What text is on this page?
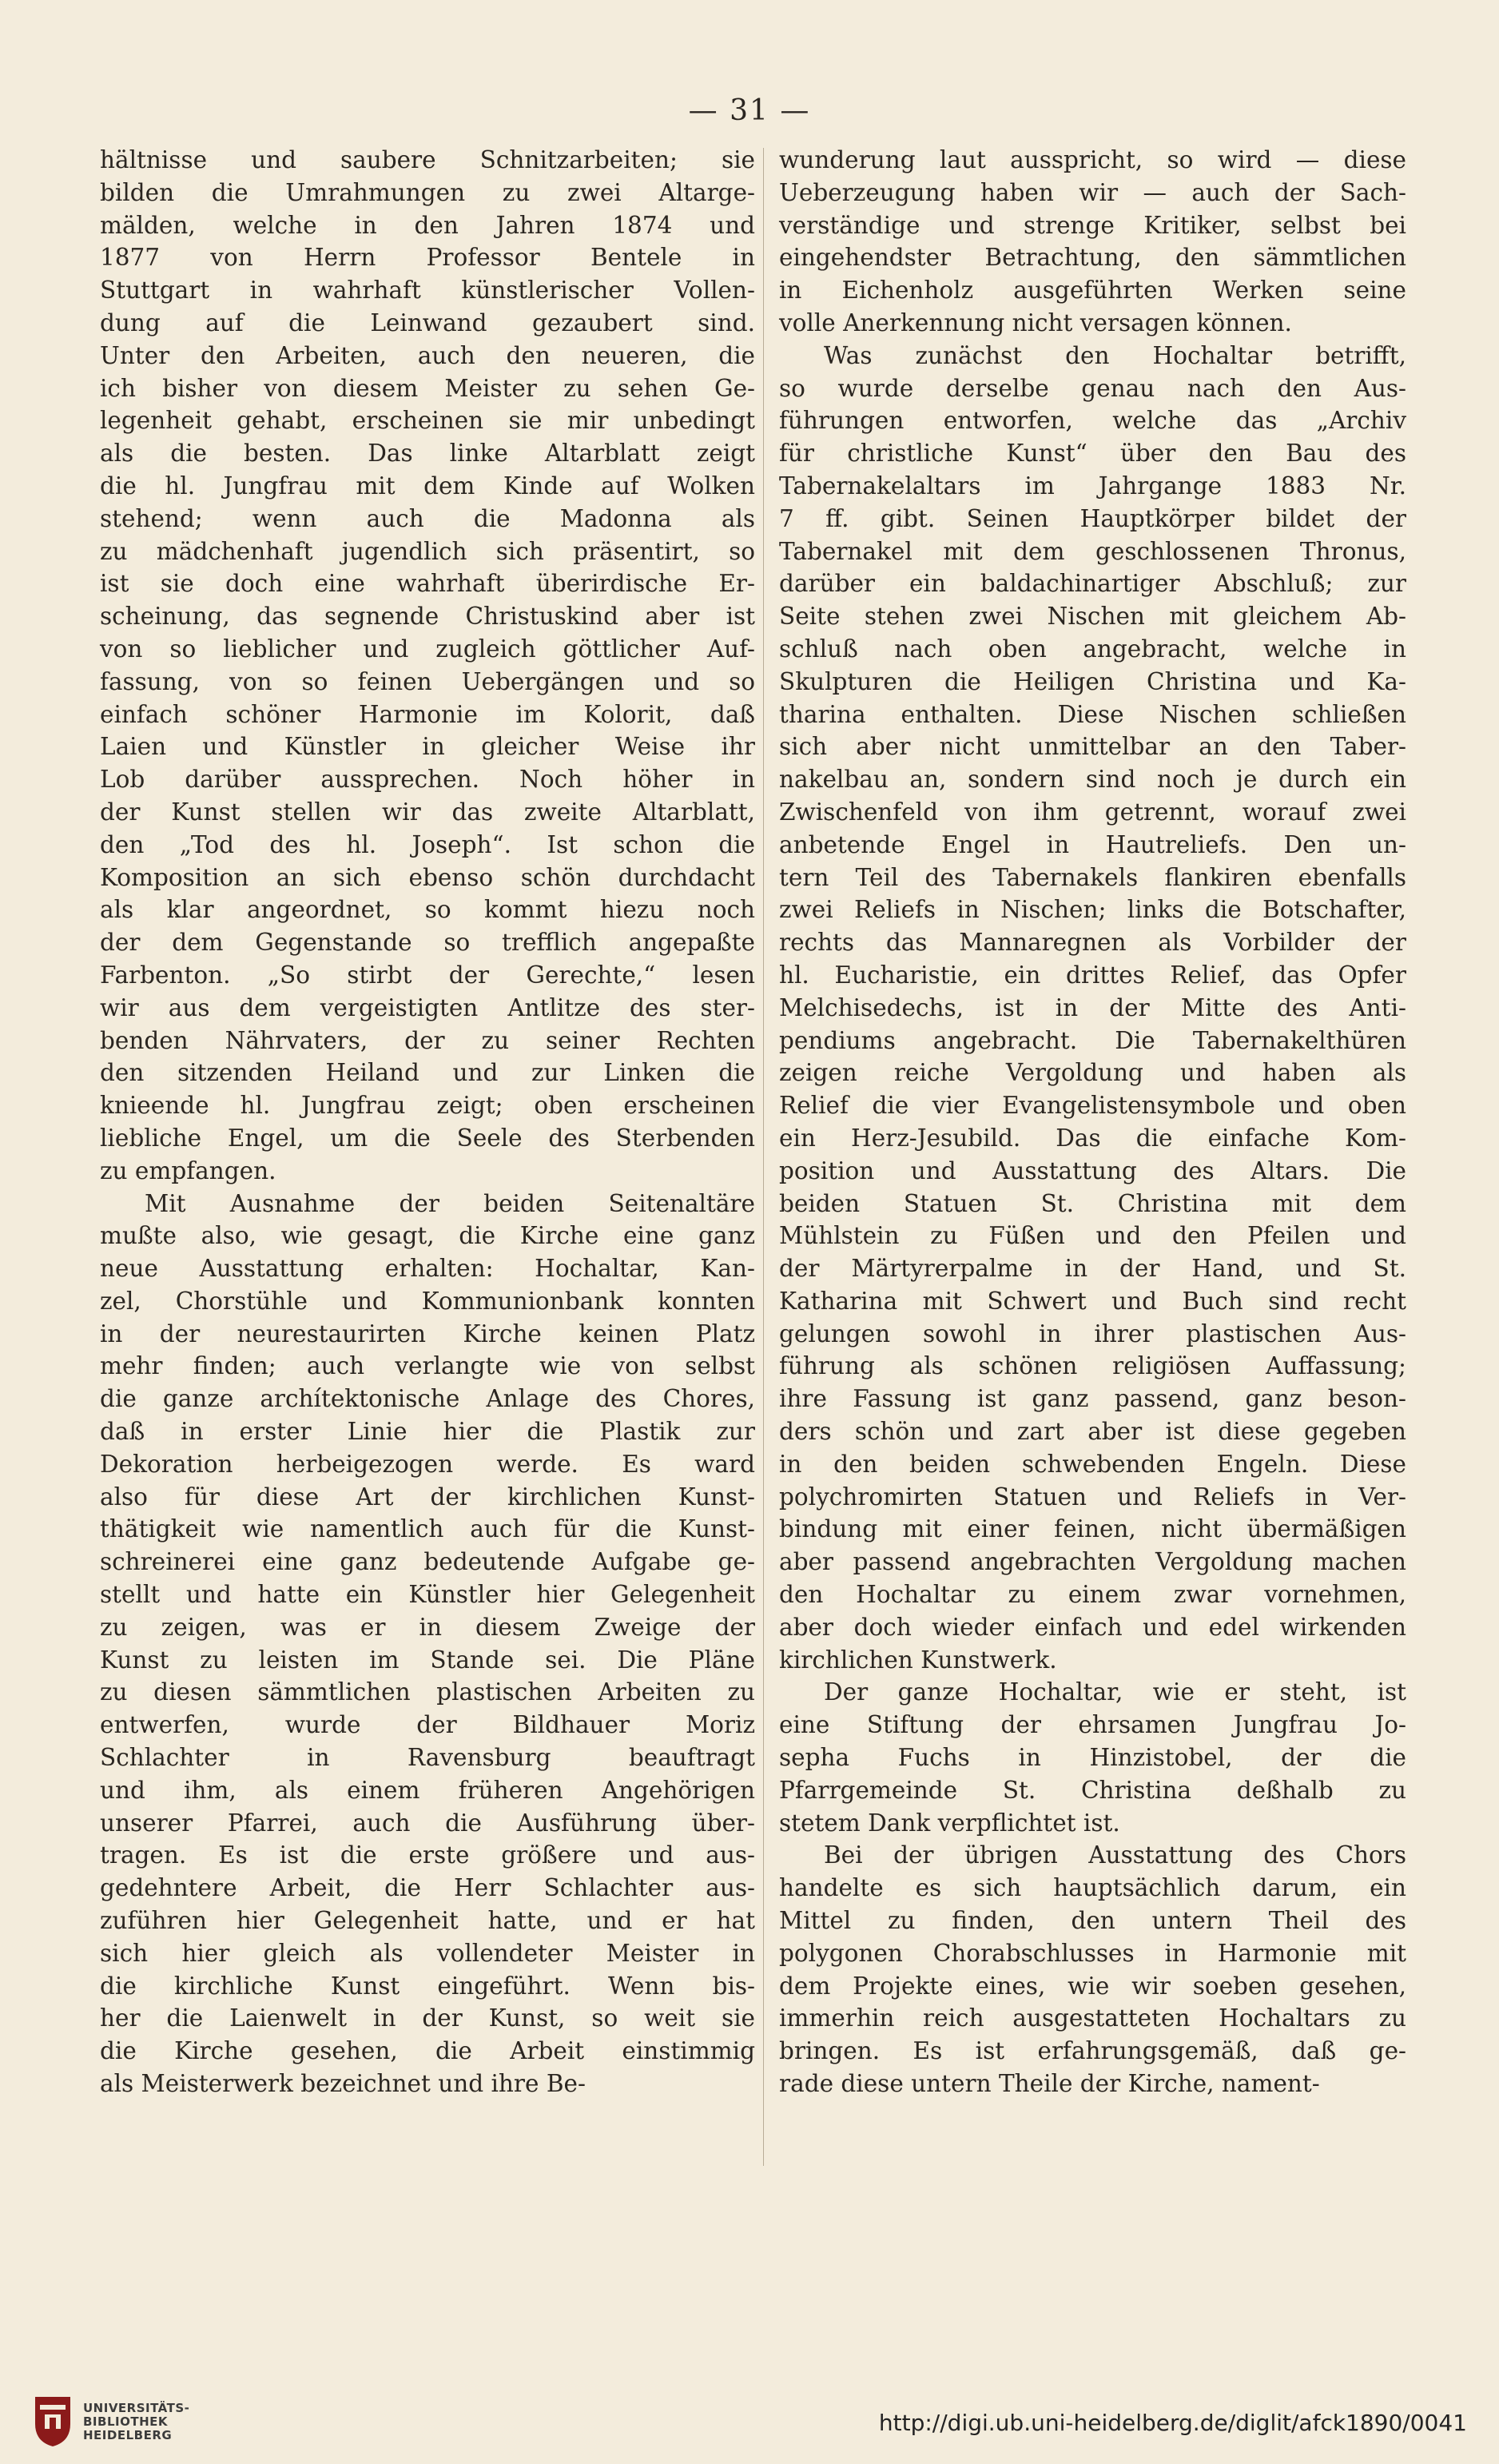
— 31 —
hältnisse und saubere Schnitzarbeiten; sie
bilden die Umrahmungen zu zwei Altarge-
mälden, welche in den Jahren 1874 und
1877 von Herrn Professor Bentele in
Stuttgart in wahrhaft künstlerischer Vollen-
dung auf die Leinwand gezaubert sind.
Unter den Arbeiten, auch den neueren, die
ich bisher von diesem Meister zu sehen Ge-
legenheit gehabt, erscheinen sie mir unbedingt
als die besten. Das linke Altarblatt zeigt
die hl. Jungfrau mit dem Kinde auf Wolken
stehend; wenn auch die Madonna als
zu mädchenhaft jugendlich sich präsentirt, so
ist sie doch eine wahrhaft überirdische Er-
scheinung, das segnende Christuskind aber ist
von so lieblicher und zugleich göttlicher Auf-
fassung, von so feinen Uebergängen und so
einfach schöner Harmonie im Kolorit, daß
Laien und Künstler in gleicher Weise ihr
Lob darüber aussprechen. Noch höher in
der Kunst stellen wir das zweite Altarblatt,
den „Tod des hl. Joseph“. Ist schon die
Komposition an sich ebenso schön durchdacht
als klar angeordnet, so kommt hiezu noch
der dem Gegenstande so trefflich angepaßte
Farbenton. „So stirbt der Gerechte,“ lesen
wir aus dem vergeistigten Antlitze des ster-
benden Nährvaters, der zu seiner Rechten
den sitzenden Heiland und zur Linken die
knieende hl. Jungfrau zeigt; oben erscheinen
liebliche Engel, um die Seele des Sterbenden
zu empfangen.
Mit Ausnahme der beiden Seitenaltäre
mußte also, wie gesagt, die Kirche eine ganz
neue Ausstattung erhalten: Hochaltar, Kan-
zel, Chorstühle und Kommunionbank konnten
in der neurestaurirten Kirche keinen Platz
mehr finden; auch verlangte wie von selbst
die ganze archítektonische Anlage des Chores,
daß in erster Linie hier die Plastik zur
Dekoration herbeigezogen werde. Es ward
also für diese Art der kirchlichen Kunst-
thätigkeit wie namentlich auch für die Kunst-
schreinerei eine ganz bedeutende Aufgabe ge-
stellt und hatte ein Künstler hier Gelegenheit
zu zeigen, was er in diesem Zweige der
Kunst zu leisten im Stande sei. Die Pläne
zu diesen sämmtlichen plastischen Arbeiten zu
entwerfen, wurde der Bildhauer Moriz
Schlachter in Ravensburg beauftragt
und ihm, als einem früheren Angehörigen
unserer Pfarrei, auch die Ausführung über-
tragen. Es ist die erste größere und aus-
gedehntere Arbeit, die Herr Schlachter aus-
zuführen hier Gelegenheit hatte, und er hat
sich hier gleich als vollendeter Meister in
die kirchliche Kunst eingeführt. Wenn bis-
her die Laienwelt in der Kunst, so weit sie
die Kirche gesehen, die Arbeit einstimmig
als Meisterwerk bezeichnet und ihre Be-
wunderung laut ausspricht, so wird — diese
Ueberzeugung haben wir — auch der Sach-
verständige und strenge Kritiker, selbst bei
eingehendster Betrachtung, den sämmtlichen
in Eichenholz ausgeführten Werken seine
volle Anerkennung nicht versagen können.
Was zunächst den Hochaltar betrifft,
so wurde derselbe genau nach den Aus-
führungen entworfen, welche das „Archiv
für christliche Kunst“ über den Bau des
Tabernakelaltars im Jahrgange 1883 Nr.
7 ff. gibt. Seinen Hauptkörper bildet der
Tabernakel mit dem geschlossenen Thronus,
darüber ein baldachinartiger Abschluß; zur
Seite stehen zwei Nischen mit gleichem Ab-
schluß nach oben angebracht, welche in
Skulpturen die Heiligen Christina und Ka-
tharina enthalten. Diese Nischen schließen
sich aber nicht unmittelbar an den Taber-
nakelbau an, sondern sind noch je durch ein
Zwischenfeld von ihm getrennt, worauf zwei
anbetende Engel in Hautreliefs. Den un-
tern Teil des Tabernakels flankiren ebenfalls
zwei Reliefs in Nischen; links die Botschafter,
rechts das Mannaregnen als Vorbilder der
hl. Eucharistie, ein drittes Relief, das Opfer
Melchisedechs, ist in der Mitte des Anti-
pendiums angebracht. Die Tabernakelthüren
zeigen reiche Vergoldung und haben als
Relief die vier Evangelistensymbole und oben
ein Herz-Jesubild. Das die einfache Kom-
position und Ausstattung des Altars. Die
beiden Statuen St. Christina mit dem
Mühlstein zu Füßen und den Pfeilen und
der Märtyrerpalme in der Hand, und St.
Katharina mit Schwert und Buch sind recht
gelungen sowohl in ihrer plastischen Aus-
führung als schönen religiösen Auffassung;
ihre Fassung ist ganz passend, ganz beson-
ders schön und zart aber ist diese gegeben
in den beiden schwebenden Engeln. Diese
polychromirten Statuen und Reliefs in Ver-
bindung mit einer feinen, nicht übermäßigen
aber passend angebrachten Vergoldung machen
den Hochaltar zu einem zwar vornehmen,
aber doch wieder einfach und edel wirkenden
kirchlichen Kunstwerk.
Der ganze Hochaltar, wie er steht, ist
eine Stiftung der ehrsamen Jungfrau Jo-
sepha Fuchs in Hinzistobel, der die
Pfarrgemeinde St. Christina deßhalb zu
stetem Dank verpflichtet ist.
Bei der übrigen Ausstattung des Chors
handelte es sich hauptsächlich darum, ein
Mittel zu finden, den untern Theil des
polygonen Chorabschlusses in Harmonie mit
dem Projekte eines, wie wir soeben gesehen,
immerhin reich ausgestatteten Hochaltars zu
bringen. Es ist erfahrungsgemäß, daß ge-
rade diese untern Theile der Kirche, nament-
UNIVERSITÄTS-
BIBLIOTHEK
HEIDELBERG	http://digi.ub.uni-heidelberg.de/diglit/afck1890/0041
